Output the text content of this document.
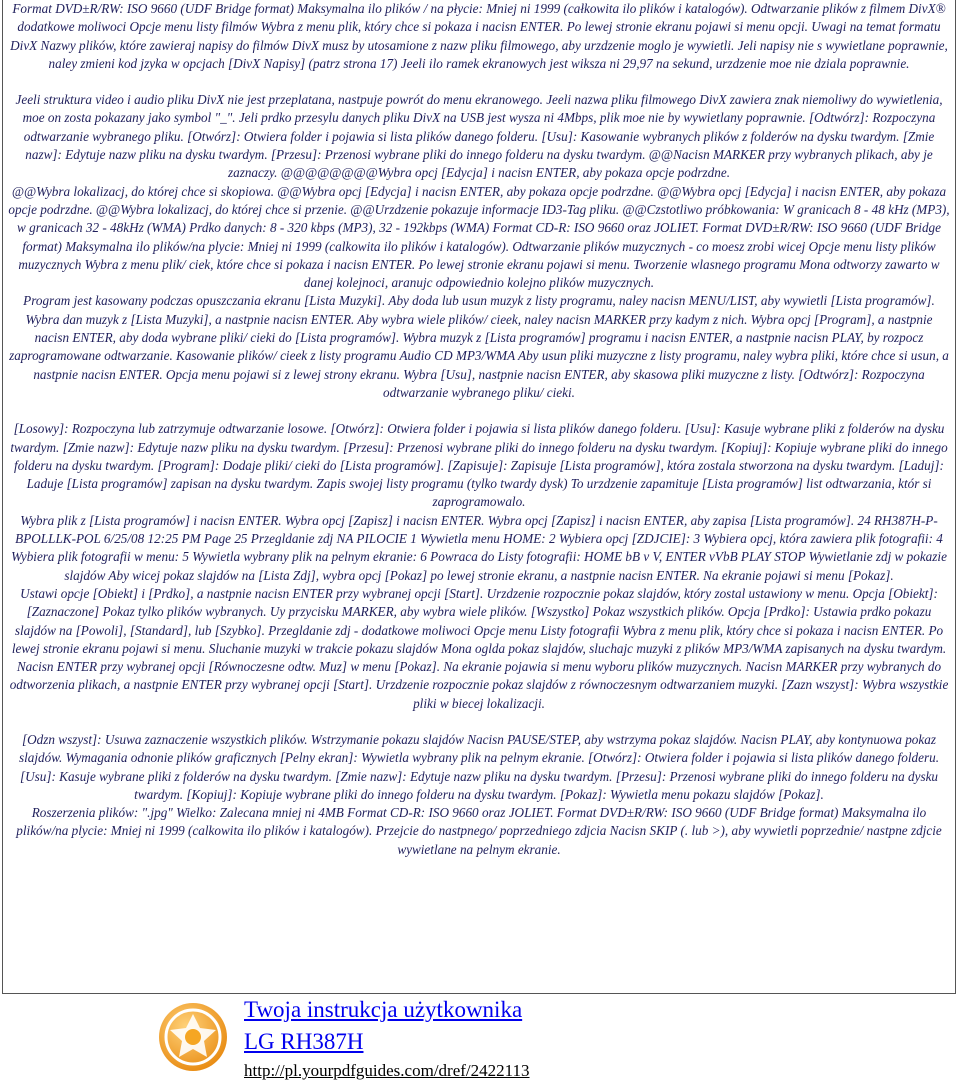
Format DVD±R/RW: ISO 9660 (UDF Bridge format) Maksymalna ilo plików / na płycie: Mniej ni 1999 (całkowita ilo plików i katalogów). Odtwarzanie plików z filmem DivX® dodatkowe moliwoci Opcje menu listy filmów Wybra z menu plik, który chce si pokaza i nacisn ENTER. Po lewej stronie ekranu pojawi si menu opcji. Uwagi na temat formatu DivX Nazwy plików, które zawieraj napisy do filmów DivX musz by utosamione z nazw pliku filmowego, aby urzdzenie moglo je wywietli. Jeli napisy nie s wywietlane poprawnie, naley zmieni kod jzyka w opcjach [DivX Napisy] (patrz strona 17) Jeeli ilo ramek ekranowych jest wiksza ni 29,97 na sekund, urzdzenie moe nie dziala poprawnie.

Jeeli struktura video i audio pliku DivX nie jest przeplatana, nastpuje powrót do menu ekranowego. Jeeli nazwa pliku filmowego DivX zawiera znak niemoliwy do wywietlenia, moe on zosta pokazany jako symbol "_". Jeli prdko przesylu danych pliku DivX na USB jest wysza ni 4Mbps, plik moe nie by wywietlany poprawnie. [Odtwórz]: Rozpoczyna odtwarzanie wybranego pliku. [Otwórz]: Otwiera folder i pojawia si lista plików danego folderu. [Usu]: Kasowanie wybranych plików z folderów na dysku twardym. [Zmie nazw]: Edytuje nazw pliku na dysku twardym. [Przesu]: Przenosi wybrane pliki do innego folderu na dysku twardym. @@Nacisn MARKER przy wybranych plikach, aby je zaznaczy. @@@@@@@@Wybra opcj [Edycja] i nacisn ENTER, aby pokaza opcje podrzdne.

@@Wybra lokalizacj, do której chce si skopiowa. @@Wybra opcj [Edycja] i nacisn ENTER, aby pokaza opcje podrzdne. @@Wybra opcj [Edycja] i nacisn ENTER, aby pokaza opcje podrzdne. @@Wybra lokalizacj, do której chce si przenie. @@Urzdzenie pokazuje informacje ID3-Tag pliku. @@Czstotliwo próbkowania: W granicach 8 - 48 kHz (MP3), w granicach 32 - 48kHz (WMA) Prdko danych: 8 - 320 kbps (MP3), 32 - 192kbps (WMA) Format CD-R: ISO 9660 oraz JOLIET. Format DVD±R/RW: ISO 9660 (UDF Bridge format) Maksymalna ilo plików/na plycie: Mniej ni 1999 (calkowita ilo plików i katalogów). Odtwarzanie plików muzycznych - co moesz zrobi wicej Opcje menu listy plików muzycznych Wybra z menu plik/ ciek, które chce si pokaza i nacisn ENTER. Po lewej stronie ekranu pojawi si menu. Tworzenie wlasnego programu Mona odtworzy zawarto w danej kolejnoci, aranujc odpowiednio kolejno plików muzycznych.

Program jest kasowany podczas opuszczania ekranu [Lista Muzyki]. Aby doda lub usun muzyk z listy programu, naley nacisn MENU/LIST, aby wywietli [Lista programów]. Wybra dan muzyk z [Lista Muzyki], a nastpnie nacisn ENTER. Aby wybra wiele plików/ cieek, naley nacisn MARKER przy kadym z nich. Wybra opcj [Program], a nastpnie nacisn ENTER, aby doda wybrane pliki/ cieki do [Lista programów]. Wybra muzyk z [Lista programów] programu i nacisn ENTER, a nastpnie nacisn PLAY, by rozpocz zaprogramowane odtwarzanie. Kasowanie plików/ cieek z listy programu Audio CD MP3/WMA Aby usun pliki muzyczne z listy programu, naley wybra pliki, które chce si usun, a nastpnie nacisn ENTER. Opcja menu pojawi si z lewej strony ekranu. Wybra [Usu], nastpnie nacisn ENTER, aby skasowa pliki muzyczne z listy. [Odtwórz]: Rozpoczyna odtwarzanie wybranego pliku/ cieki.

[Losowy]: Rozpoczyna lub zatrzymuje odtwarzanie losowe. [Otwórz]: Otwiera folder i pojawia si lista plików danego folderu. [Usu]: Kasuje wybrane pliki z folderów na dysku twardym. [Zmie nazw]: Edytuje nazw pliku na dysku twardym. [Przesu]: Przenosi wybrane pliki do innego folderu na dysku twardym. [Kopiuj]: Kopiuje wybrane pliki do innego folderu na dysku twardym. [Program]: Dodaje pliki/ cieki do [Lista programów]. [Zapisuje]: Zapisuje [Lista programów], która zostala stworzona na dysku twardym. [Laduj]: Laduje [Lista programów] zapisan na dysku twardym. Zapis swojej listy programu (tylko twardy dysk) To urzdzenie zapamituje [Lista programów] list odtwarzania, któr si zaprogramowalo.

Wybra plik z [Lista programów] i nacisn ENTER. Wybra opcj [Zapisz] i nacisn ENTER. Wybra opcj [Zapisz] i nacisn ENTER, aby zapisa [Lista programów]. 24 RH387H-P-BPOLLLK-POL 6/25/08 12:25 PM Page 25 Przegldanie zdj NA PILOCIE 1 Wywietla menu HOME: 2 Wybiera opcj [ZDJCIE]: 3 Wybiera opcj, która zawiera plik fotografii: 4 Wybiera plik fotografii w menu: 5 Wywietla wybrany plik na pelnym ekranie: 6 Powraca do Listy fotografii: HOME bB v V, ENTER vVbB PLAY STOP Wywietlanie zdj w pokazie slajdów Aby wicej pokaz slajdów na [Lista Zdj], wybra opcj [Pokaz] po lewej stronie ekranu, a nastpnie nacisn ENTER. Na ekranie pojawi si menu [Pokaz].

Ustawi opcje [Obiekt] i [Prdko], a nastpnie nacisn ENTER przy wybranej opcji [Start]. Urzdzenie rozpocznie pokaz slajdów, który zostal ustawiony w menu. Opcja [Obiekt]: [Zaznaczone] Pokaz tylko plików wybranych. Uy przycisku MARKER, aby wybra wiele plików. [Wszystko] Pokaz wszystkich plików. Opcja [Prdko]: Ustawia prdko pokazu slajdów na [Powoli], [Standard], lub [Szybko]. Przegldanie zdj - dodatkowe moliwoci Opcje menu Listy fotografii Wybra z menu plik, który chce si pokaza i nacisn ENTER. Po lewej stronie ekranu pojawi si menu. Sluchanie muzyki w trakcie pokazu slajdów Mona oglda pokaz slajdów, sluchajc muzyki z plików MP3/WMA zapisanych na dysku twardym. Nacisn ENTER przy wybranej opcji [Równoczesne odtw. Muz] w menu [Pokaz]. Na ekranie pojawia si menu wyboru plików muzycznych. Nacisn MARKER przy wybranych do odtworzenia plikach, a nastpnie ENTER przy wybranej opcji [Start]. Urzdzenie rozpocznie pokaz slajdów z równoczesnym odtwarzaniem muzyki. [Zazn wszyst]: Wybra wszystkie pliki w biecej lokalizacji.

[Odzn wszyst]: Usuwa zaznaczenie wszystkich plików. Wstrzymanie pokazu slajdów Nacisn PAUSE/STEP, aby wstrzyma pokaz slajdów. Nacisn PLAY, aby kontynuowa pokaz slajdów. Wymagania odnonie plików graficznych [Pelny ekran]: Wywietla wybrany plik na pelnym ekranie. [Otwórz]: Otwiera folder i pojawia si lista plików danego folderu. [Usu]: Kasuje wybrane pliki z folderów na dysku twardym. [Zmie nazw]: Edytuje nazw pliku na dysku twardym. [Przesu]: Przenosi wybrane pliki do innego folderu na dysku twardym. [Kopiuj]: Kopiuje wybrane pliki do innego folderu na dysku twardym. [Pokaz]: Wywietla menu pokazu slajdów [Pokaz].

Roszerzenia plików: ".jpg" Wielko: Zalecana mniej ni 4MB Format CD-R: ISO 9660 oraz JOLIET. Format DVD±R/RW: ISO 9660 (UDF Bridge format) Maksymalna ilo plików/na plycie: Mniej ni 1999 (calkowita ilo plików i katalogów). Przejcie do nastpnego/ poprzedniego zdjcia Nacisn SKIP (. lub >), aby wywietli poprzednie/ nastpne zdjcie wywietlane na pelnym ekranie.

Twoja instrukcja użytkownika
LG RH387H
http://pl.yourpdfguides.com/dref/2422113
